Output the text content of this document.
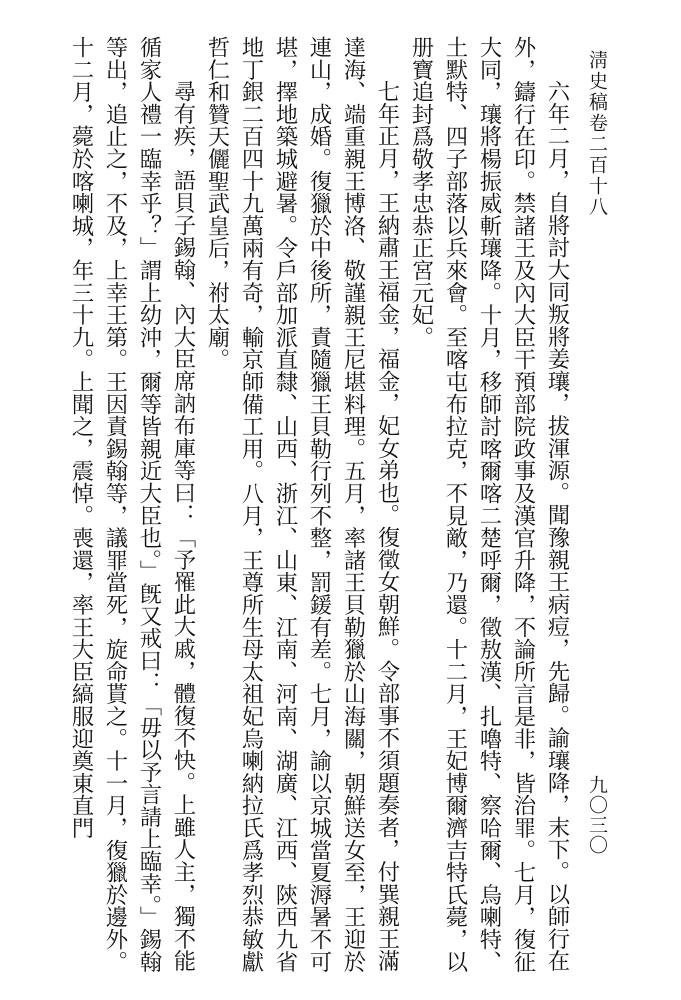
淸史稿卷二百十八
九〇三〇

六年二月，自將討大同叛將姜瓖，拔渾源。聞豫親王病痘，先歸。諭瓖降，末下。以師行在外，鑄行在印。禁諸王及內大臣干預部院政事及漢官升降，不論所言是非，皆治罪。七月，復征大同，瓖將楊振威斬瓖降。十月，移師討喀爾喀二楚呼爾，徵敖漢、扎嚕特、察哈爾、烏喇特、土默特、四子部落以兵來會。至喀屯布拉克，不見敵，乃還。十二月，王妃博爾濟吉特氏薨，以册寶追封爲敬孝忠恭正宮元妃。

七年正月，王納肅王福金，福金，妃女弟也。復徵女朝鮮。令部事不須題奏者，付巽親王滿達海、端重親王博洛、敬謹親王尼堪料理。五月，率諸王貝勒獵於山海關，朝鮮送女至，王迎於連山，成婚。復獵於中後所，責隨獵王貝勒行列不整，罰鍰有差。七月，諭以京城當夏溽暑不可堪，擇地築城避暑。令戶部加派直隸、山西、浙江、山東、江南、河南、湖廣、江西、陝西九省地丁銀二百四十九萬兩有奇，輸京師備工用。八月，王尊所生母太祖妃烏喇納拉氏爲孝烈恭敏獻哲仁和贊天儷聖武皇后，祔太廟。

尋有疾，語貝子錫翰、內大臣席訥布庫等曰：「予罹此大戚，體復不快。上雖人主，獨不能循家人禮一臨幸乎？」謂上幼沖，爾等皆親近大臣也。」旣又戒曰：「毋以予言請上臨幸。」錫翰等出，追止之，不及，上幸王第。王因責錫翰等，議罪當死，旋命貰之。十一月，復獵於邊外。十二月，薨於喀喇城，年三十九。上聞之，震悼。喪還，率王大臣縞服迎奠東直門
